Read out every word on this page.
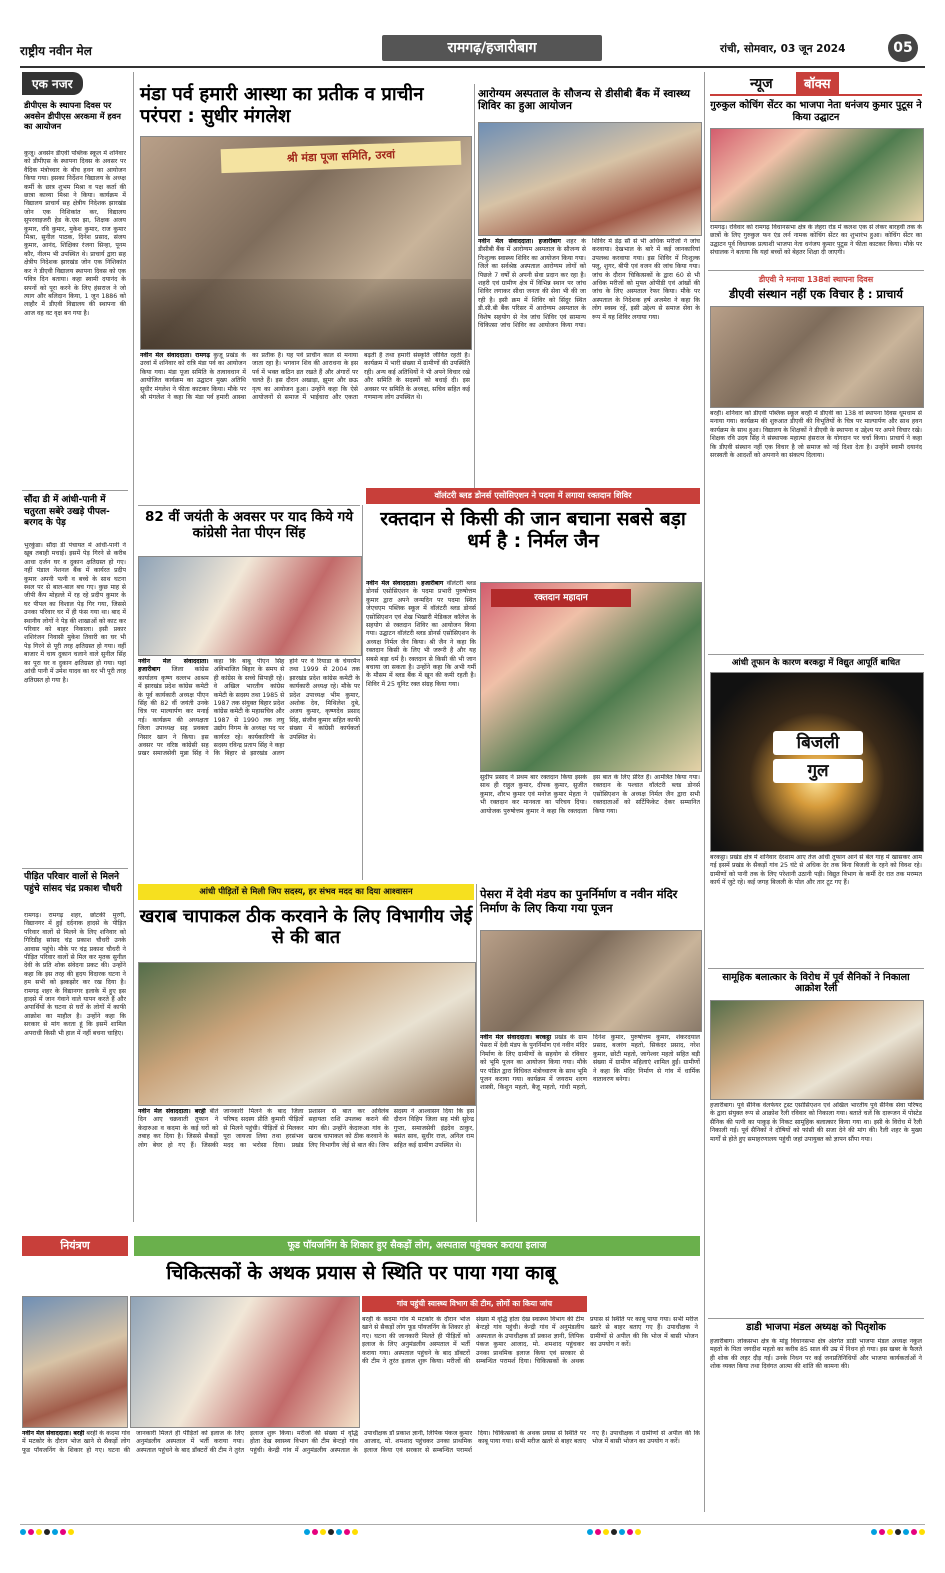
राष्ट्रीय नवीन मेल	रामगढ़/हजारीबाग	रांची, सोमवार, 03 जून 2024	05
एक नजर
डीपीएस के स्थापना दिवस पर अवसेन डीपीएस अरकमा में हवन का आयोजन
कुजू। अवसेन डीएवी पब्लिक स्कूल में शनिवार को डीपीएस के स्थापना दिवस के अवसर पर वैदिक मंत्रोच्चार के बीच हवन का आयोजन किया गया। इसका निर्देशन विद्यालय के अध्य्क्ष कर्मी के छात्र शुभम मिश्रा व पक्ष कर्ता की छात्रा काव्या मिश्रा ने किया। कार्यक्रम में विद्यालय प्राचार्य सह क्षेत्रीय निदेशक झारखंड जोन एक निशिकांत कर, विद्यालय सुपरवाइजरी हेड के.एस झा, शिक्षक अजय कुमार, रवि कुमार, मुकेश कुमार, राज कुमार मिश्रा, सुनील पाठक, दिनेश प्रसाद, संजय कुमार, आनंद, शिक्षिका रंजना सिन्हा, पूनम कौर, नीलम भी उपस्थित थे। प्राचार्य द्वारा सह क्षेत्रीय निदेशक झारखंड जोन एक निशिकांत कर ने डीएवी विद्यालय स्थापना दिवस को एक पवित्र दिन बताया। कहा स्वामी दयानंद के सपनों को पूरा करने के लिए हंसराज ने जो त्याग और बलिदान किया, 1 जून 1886 को लाहौर में डीएवी विद्यालय की स्थापना की आज वह वट वृक्ष बन गया है।
सौंदा डी में आंधी-पानी में चतुरता सबेरे उखड़े पीपल-बरगद के पेड़
भुरकुंडा। सौंदा डी पंचायत में आंधी-पानी ने खूब तबाही मचाई। इसमें पेड़ गिरने से करीब आधा दर्जन घर व दुकान क्षतिग्रस्त हो गए। नहीं पंडाल नेशनल बैंक में कार्यरत प्रदीप कुमार अपनी पत्नी व बच्चे के साथ घटना स्थल पर से बाल-बाल बच गए। कुछ माह से जीपी कैंप मोहल्ले में रह रहे प्रदीप कुमार के घर पीपल का विशाल पेड़ गिर गया, जिससे उनका परिवार घर में ही फंस गया था। बाद में स्थानीय लोगों ने पेड़ की शाखाओं को काट कर परिवार को बाहर निकाला। इसी प्रकार शशिरंजन निवासी मुकेश तिवारी का घर भी पेड़ गिरने से पूरी तरह क्षतिग्रस्त हो गया। वहीं बाजार में चाय दुकान चलाने वाले सुनील सिंह का पूरा घर व दुकान क्षतिग्रस्त हो गया। यहां आंधी पानी में उमेश यादव का घर भी पूरी तरह क्षतिग्रस्त हो गया है।
पीड़ित परिवार वालों से मिलने पहुंचे सांसद चंद्र प्रकाश चौधरी
रामगढ़। रामगढ़ शहर, छोटकी मुरगी, विद्यानगर में हुई दर्दनाक हादसे के पीड़ित परिवार वालों से मिलने के लिए शनिवार को गिरिडीह सांसद चंद्र प्रकाश चौधरी उनके आवास पहुंचे। मौके पर चंद्र प्रकाश चौधरी ने पीड़ित परिवार वालों से मिल कर मृतक सुनील देवी के प्रति शोक संवेदना प्रकट की। उन्होंने कहा कि इस तरह की हृदय विदारक घटना ने हम सभी को झकझोर कर रख दिया है। रामगढ़ शहर के विद्यानगर इलाके में हुए इस हादसे में जान गंवाने वाले यापन करते हैं और अपार्थियों के घटना से घरों के लोगों में काफी आक्रोश का माहौल है। उन्होंने कहा कि सरकार से मांग करता हूं कि इसमें शामिल अपराधी किसी भी हाल में नहीं बचना चाहिए।
मंडा पर्व हमारी आस्था का प्रतीक व प्राचीन परंपरा : सुधीर मंगलेश
श्री मंडा पूजा समिति, उरवां
नवीन मेल संवाददाता। रामगढ़ कुजू प्रखंड के उरवां में शनिवार को रात्रि मंडा पर्व का आयोजन किया गया। मंडा पूजा समिति के तत्वावधान में आयोजित कार्यक्रम का उद्घाटन मुख्य अतिथि सुधीर मंगलेश ने फीता काटकर किया। मौके पर श्री मंगलेश ने कहा कि मंडा पर्व हमारी आस्था का प्रतीक है। यह पर्व प्राचीन काल से मनाया जाता रहा है। भगवान शिव की आराधना के इस पर्व में भक्त कठिन व्रत रखते हैं और अंगारों पर चलते हैं। इस दौरान अखाड़ा, झूमर और छऊ नृत्य का आयोजन हुआ। उन्होंने कहा कि ऐसे आयोजनों से समाज में भाईचारा और एकता बढ़ती है तथा हमारी संस्कृति जीवित रहती है। कार्यक्रम में भारी संख्या में ग्रामीणों की उपस्थिति रही। अन्य कई अतिथियों ने भी अपने विचार रखे और समिति के सदस्यों को बधाई दी। इस अवसर पर समिति के अध्यक्ष, सचिव सहित कई गणमान्य लोग उपस्थित थे।
आरोग्यम अस्पताल के सौजन्य से डीसीबी बैंक में स्वास्थ्य शिविर का हुआ आयोजन
नवीन मेल संवाददाता। हजारीबाग शहर के डीसीबी बैंक में आरोग्यम अस्पताल के सौजन्य से निःशुल्क स्वास्थ्य शिविर का आयोजन किया गया। जिले का सर्वश्रेष्ठ अस्पताल आरोग्यम लोगों को पिछले 7 वर्षों से अपनी सेवा प्रदान कर रहा है। शहरी एवं ग्रामीण क्षेत्र में विभिन्न स्थान पर जांच शिविर लगाकर सीधा जनता की सेवा भी की जा रही है। इसी क्रम में शिविर को सिंदूर स्थित डी.सी.बी बैंक परिसर में आरोग्यम अस्पताल के विशेष सहयोग से नेत्र जांच शिविर एवं सामान्य चिकित्सा जांच शिविर का आयोजन किया गया। शिविर में डेढ़ सौ से भी अधिक मरीजों ने जांच करवाया। देखभाल के बारे में कई जानकारियां उपलब्ध करवाया गया। इस शिविर में निःशुल्क फ्लू, शुगर, बीपी एवं वजन की जांच किया गया। जांच के दौरान चिकित्सकों के द्वारा 60 से भी अधिक मरीजों को मुफ्त ओपीडी एवं आंखों की जांच के लिए अस्पताल रेफर किया। मौके पर अस्पताल के निदेशक हर्ष अजमेरा ने कहा कि लोग स्वस्थ रहें, इसी उद्देश्य से समाज सेवा के रूप में यह शिविर लगाया गया।
82 वीं जयंती के अवसर पर याद किये गये कांग्रेसी नेता पीएन सिंह
नवीन मेल संवाददाता। हजारीबाग जिला कांग्रेस कार्यालय कृष्ण वल्लभ आश्रम में झारखंड प्रदेश कांग्रेस कमेटी के पूर्व कार्यकारी अध्यक्ष पीएन सिंह की 82 वीं जयंती उनके चित्र पर माल्यार्पण कर मनाई गई। कार्यक्रम की अध्यक्षता जिला उपाध्यक्ष सह प्रवक्ता निसार खान ने किया। इस अवसर पर वरिष्ठ कांग्रेसी सह प्रखर समाजसेवी मुन्ना सिंह ने कहा कि बाबू पीएन सिंह अविभाजित बिहार के समय से ही कांग्रेस के सच्चे सिपाही रहे। वे अखिल भारतीय कांग्रेस कमेटी के सदस्य तथा 1985 से 1987 तक संयुक्त बिहार प्रदेश कांग्रेस कमेटी के महासचिव और 1987 से 1990 तक लघु उद्योग निगम के अध्यक्ष पद पर कार्यरत रहे। कार्यकारिणी के सदस्य रविन्द्र प्रताप सिंह ने कहा कि बिहार से झारखंड अलग होने पर वे रियाडा के चेयरमैन तथा 1999 से 2004 तक झारखंड प्रदेश कांग्रेस कमेटी के कार्यकारी अध्यक्ष रहे। मौके पर प्रदेश उपाध्यक्ष भीम कुमार, अशोक देव, मिथिलेश दुबे, अजय कुमार, कृष्णदेव प्रसाद सिंह, संजीव कुमार सहित काफी संख्या में कांग्रेसी कार्यकर्ता उपस्थित थे।
वॉलंटरी ब्लड डोनर्स एसोसिएशन ने पदमा में लगाया रक्तदान शिविर
रक्तदान से किसी की जान बचाना सबसे बड़ा धर्म है : निर्मल जैन
नवीन मेल संवाददाता। हजारीबाग वॉलंटरी ब्लड डोनर्स एसोसिएशन के पदमा प्रभारी पुरुषोत्तम कुमार द्वारा अपने जन्मदिन पर पदमा स्थित जेएचएम पब्लिक स्कूल में वॉलंटरी ब्लड डोनर्स एसोसिएशन एवं शेख भिखारी मेडिकल कॉलेज के सहयोग से रक्तदान शिविर का आयोजन किया गया। उद्घाटन वॉलंटरी ब्लड डोनर्स एसोसिएशन के अध्यक्ष निर्मल जैन किया। श्री जैन ने कहा कि रक्तदान किसी के लिए भी जरूरी है और यह सबसे बड़ा धर्म है। रक्तदान से किसी की भी जान बचाया जा सकता है। उन्होंने कहा कि अभी गर्मी के मौसम में ब्लड बैंक में खून की कमी रहती है। शिविर में 25 यूनिट रक्त संग्रह किया गया।
रक्तदान महादान
सुदीप प्रसाद ने प्रथम बार रक्तदान किया इसके साथ ही राहुल कुमार, दीपक कुमार, सुजीत कुमार, शौरभ कुमार एवं मनोज कुमार मेहता ने भी रक्तदान कर मानवता का परिचय दिया। आयोजक पुरुषोत्तम कुमार ने कहा कि रक्तदाता इस बात के लिए प्रेरित हैं। आमंत्रित किया गया। रक्तदान के पश्चात वॉलंटरी ब्लड डोनर्स एसोसिएशन के अध्यक्ष निर्मल जैन द्वारा सभी रक्तदाताओं को सर्टिफिकेट देकर सम्मानित किया गया।
आंधी पीड़ितों से मिली जिप सदस्य, हर संभव मदद का दिया आश्वासन
खराब चापाकल ठीक करवाने के लिए विभागीय जेई से की बात
नवीन मेल संवाददाता। बरही बीते दिन आए चक्रवाती तूफान ने केदारुआ व कदमा के कई घरों को तबाह कर दिया है। जिससे सैकड़ों लोग बेघर हो गए हैं। जिसकी जानकारी मिलने के बाद जिला परिषद सदस्य प्रीति कुमारी पीड़ितों से मिलने पहुंची। पीड़ितों से मिलकर पूरा जायजा लिया तथा हरसंभव मदद का भरोसा दिया। प्रखंड प्रशासन से बात कर अविलंब सहायता राशि उपलब्ध कराने की मांग की। उन्होंने केदारुआ गांव के खराब चापाकल को ठीक करवाने के लिए विभागीय जेई से बात की। जिप सदस्य ने आश्वासन दिया कि इस दौरान विहिप जिला सह मंत्री सुरेन्द्र गुप्ता, समाजसेवी इंद्रदेव ठाकुर, बसंत साव, सुधीर राज, अनिल राम सहित कई ग्रामीण उपस्थित थे।
पेसरा में देवी मंडप का पुनर्निर्माण व नवीन मंदिर निर्माण के लिए किया गया पूजन
नवीन मेल संवाददाता। बरकट्ठा प्रखंड के ग्राम पेसरा में देवी मंडप के पुनर्निर्माण एवं नवीन मंदिर निर्माण के लिए ग्रामीणों के सहयोग से रविवार को भूमि पूजन का आयोजन किया गया। मौके पर पंडित द्वारा विधिवत मंत्रोच्चारण के साथ भूमि पूजन कराया गया। कार्यक्रम में जयराम शरण शास्त्री, किशुन महतो, बैजू महतो, गांधी महतो, दिनेश कुमार, पुरुषोत्तम कुमार, शंकरदयाल प्रसाद, बजरंग महतो, सिकंदर प्रसाद, नरेश कुमार, छोटी महतो, जागेश्वर महतो सहित बड़ी संख्या में ग्रामीण महिलाएं शामिल हुईं। ग्रामीणों ने कहा कि मंदिर निर्माण से गांव में धार्मिक वातावरण बनेगा।
नियंत्रण	फूड पॉयजनिंग के शिकार हुए सैकड़ों लोग, अस्पताल पहुंचकर कराया इलाज
चिकित्सकों के अथक प्रयास से स्थिति पर पाया गया काबू
गांव पहुंची स्वास्थ्य विभाग की टीम, लोगों का किया जांच
नवीन मेल संवाददाता। बरही बरही के कदमा गांव में मटकोर के दौरान भोज खाने से सैकड़ों लोग फूड पॉयजनिंग के शिकार हो गए। घटना की जानकारी मिलते ही पीड़ितों को इलाज के लिए अनुमंडलीय अस्पताल में भर्ती कराया गया। अस्पताल पहुंचने के बाद डॉक्टरों की टीम ने तुरंत इलाज शुरू किया। मरीजों की संख्या में वृद्धि होता देख स्वास्थ्य विभाग की टीम बेन्टहो गांव पहुंची। केन्द्री गांव में अनुमंडलीय अस्पताल के उपाधीक्षक डॉ प्रकाश ज्ञानी, लिपिक पंकज कुमार आजाद, मो. शमशाद पहुंचकर उनका प्राथमिक इलाज किया एवं सरकार से सम्बन्धित परामर्श दिया। चिकित्सकों के अथक प्रयास से स्थिति पर काबू पाया गया। सभी मरीज खतरे से बाहर बताए गए हैं। उपाधीक्षक ने ग्रामीणों से अपील की कि भोज में बासी भोजन का उपयोग न करें।
बरही के कदमा गांव में मटकोर के दौरान भोज खाने से सैकड़ों लोग फूड पॉयजनिंग के शिकार हो गए। घटना की जानकारी मिलते ही पीड़ितों को इलाज के लिए अनुमंडलीय अस्पताल में भर्ती कराया गया। अस्पताल पहुंचने के बाद डॉक्टरों की टीम ने तुरंत इलाज शुरू किया। मरीजों की संख्या में वृद्धि होता देख स्वास्थ्य विभाग की टीम बेन्टहो गांव पहुंची। केन्द्री गांव में अनुमंडलीय अस्पताल के उपाधीक्षक डॉ प्रकाश ज्ञानी, लिपिक पंकज कुमार आजाद, मो. शमशाद पहुंचकर उनका प्राथमिक इलाज किया एवं सरकार से सम्बन्धित परामर्श दिया। चिकित्सकों के अथक प्रयास से स्थिति पर काबू पाया गया। सभी मरीज खतरे से बाहर बताए गए हैं। उपाधीक्षक ने ग्रामीणों से अपील की कि भोज में बासी भोजन का उपयोग न करें।
न्यूज	बॉक्स
गुरुकुल कोचिंग सेंटर का भाजपा नेता धनंजय कुमार पुटूस ने किया उद्घाटन
रामगढ़। रविवार को रामगढ़ विधानसभा क्षेत्र के लेहरा रोड में कलश एक से लेकर बारहवीं तक के छात्रों के लिए गुरुकुल फन एंड लर्न नामक कोचिंग सेंटर का शुभारंभ हुआ। कोचिंग सेंटर का उद्घाटन पूर्व विधायक प्रत्याशी भाजपा नेता धनंजय कुमार पुटूस ने फीता काटकर किया। मौके पर संचालक ने बताया कि यहां बच्चों को बेहतर शिक्षा दी जाएगी।
डीएवी ने मनाया 138वां स्थापना दिवस
डीएवी संस्थान नहीं एक विचार है : प्राचार्य
बरही। शनिवार को डीएवी पब्लिक स्कूल बरही में डीएवी का 138 वां स्थापना दिवस धूमधाम से मनाया गया। कार्यक्रम की शुरुआत डीएवी की विभूतियों के चित्र पर माल्यार्पण और साथ हवन कार्यक्रम के साथ हुआ। विद्यालय के शिक्षकों ने डीएवी के स्थापना व उद्देश्य पर अपने विचार रखे। शिक्षक रवि उदय सिंह ने संस्थापक महात्मा हंसराज के योगदान पर चर्चा किया। प्राचार्य ने कहा कि डीएवी संस्थान नहीं एक विचार है जो समाज को नई दिशा देता है। उन्होंने स्वामी दयानंद सरस्वती के आदर्शों को अपनाने का संकल्प दिलाया।
आंधी तूफान के कारण बरकट्ठा में विद्युत आपूर्ति बाधित
बिजली
गुल
बरकट्ठा। प्रखंड क्षेत्र में शनिवार देरशाम आए तेज आंधी तूफान आने से बेल गाह में खासकर आम गई इसमें प्रखंड के सैकड़ों गांव 25 घंटे से अधिक देर तक बिना बिजली के रहने को विवश रहे। ग्रामीणों को पानी तक के लिए परेशानी उठानी पड़ी। विद्युत विभाग के कर्मी देर रात तक मरम्मत कार्य में जुटे रहे। कई जगह बिजली के पोल और तार टूट गए हैं।
सामूहिक बलात्कार के विरोध में पूर्व सैनिकों ने निकाला आक्रोश रैली
हजारीबाग। पूर्व सैनिक वेलफेयर ट्रस्ट एसोसिएशन एवं अखिल भारतीय पूर्व सैनिक सेवा परिषद के द्वारा संयुक्त रूप से आक्रोश रैली रविवार को निकाला गया। बताते चलें कि दारूजन में पोस्टेड सैनिक की पत्नी का पाकुड़ के निकट सामूहिक बलात्कार किया गया था। इसी के विरोध में रैली निकाली गई। पूर्व सैनिकों ने दोषियों को फांसी की सजा देने की मांग की। रैली शहर के मुख्य मार्गों से होते हुए समाहरणालय पहुंची जहां उपायुक्त को ज्ञापन सौंपा गया।
डाडी भाजपा मंडल अध्यक्ष को पितृशोक
हजारीबाग। लोकसभा क्षेत्र के मांडू विधानसभा क्षेत्र अंतर्गत डाडी भाजपा मंडल अध्यक्ष नकुल महतो के पिता जगदीश महतो का करीब 85 साल की उम्र में निधन हो गया। इस खबर के फैलते ही शोक की लहर दौड़ गई। उनके निधन पर कई जनप्रतिनिधियों और भाजपा कार्यकर्ताओं ने शोक व्यक्त किया तथा दिवंगत आत्मा की शांति की कामना की।
